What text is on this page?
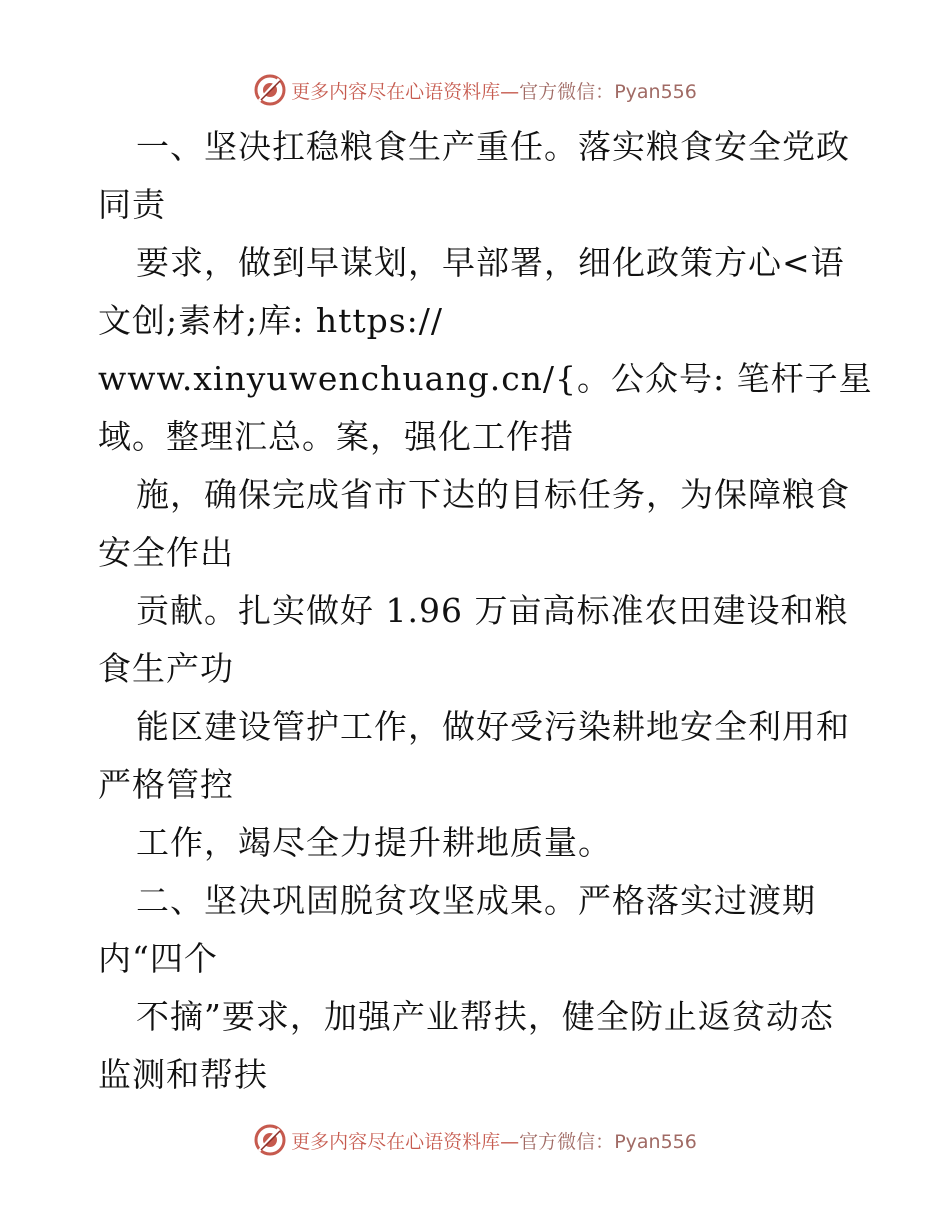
更多内容尽在心语资料库—官方微信：Pyan556

一、坚决扛稳粮食生产重任。落实粮食安全党政

同责

要求，做到早谋划，早部署，细化政策方心<语

文创;素材;库: https://

www.xinyuwenchuang.cn/{。公众号: 笔杆子星

域。整理汇总。案，强化工作措

施，确保完成省市下达的目标任务，为保障粮食

安全作出

贡献。扎实做好 1.96 万亩高标准农田建设和粮

食生产功

能区建设管护工作，做好受污染耕地安全利用和

严格管控

工作，竭尽全力提升耕地质量。

二、坚决巩固脱贫攻坚成果。严格落实过渡期

内“四个

不摘”要求，加强产业帮扶，健全防止返贫动态

监测和帮扶

更多内容尽在心语资料库—官方微信：Pyan556
